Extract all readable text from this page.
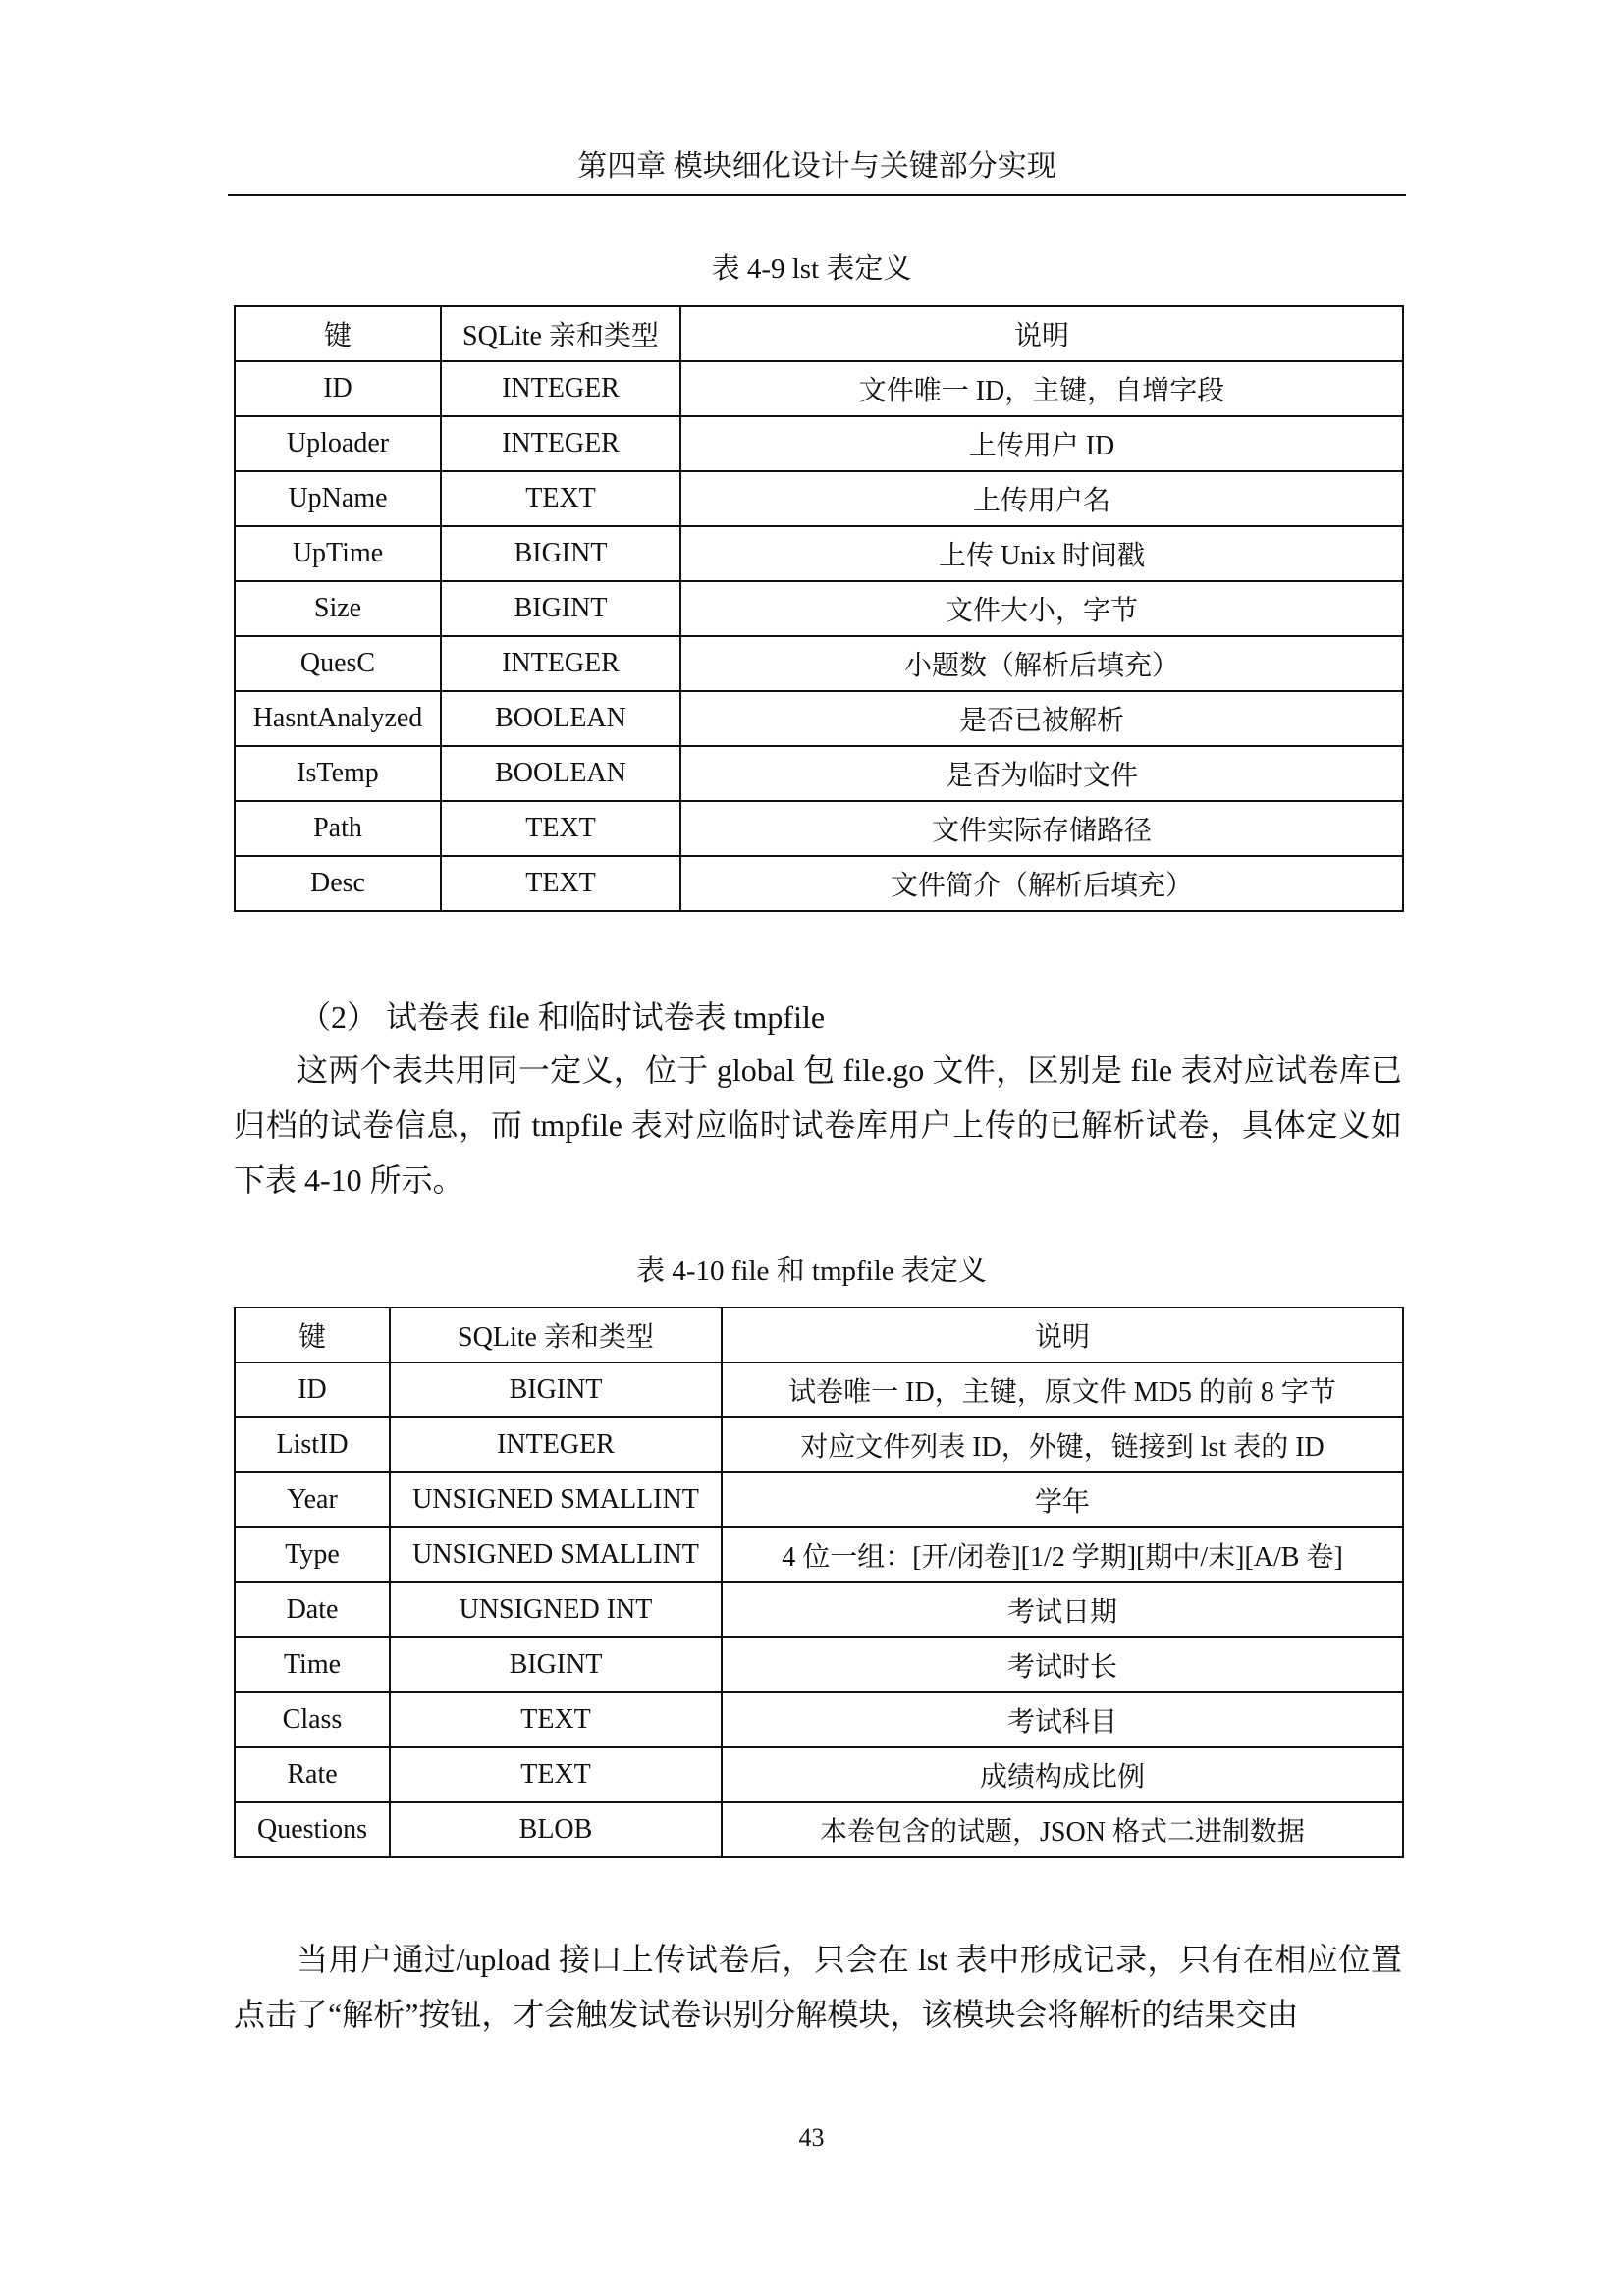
第四章 模块细化设计与关键部分实现
表 4-9 lst 表定义
键	SQLite 亲和类型	说明
ID	INTEGER	文件唯一 ID，主键，自增字段
Uploader	INTEGER	上传用户 ID
UpName	TEXT	上传用户名
UpTime	BIGINT	上传 Unix 时间戳
Size	BIGINT	文件大小，字节
QuesC	INTEGER	小题数（解析后填充）
HasntAnalyzed	BOOLEAN	是否已被解析
IsTemp	BOOLEAN	是否为临时文件
Path	TEXT	文件实际存储路径
Desc	TEXT	文件简介（解析后填充）
（2） 试卷表 file 和临时试卷表 tmpfile
这两个表共用同一定义，位于 global 包 file.go 文件，区别是 file 表对应试卷库已归档的试卷信息，而 tmpfile 表对应临时试卷库用户上传的已解析试卷，具体定义如下表 4-10 所示。
表 4-10 file 和 tmpfile 表定义
键	SQLite 亲和类型	说明
ID	BIGINT	试卷唯一 ID，主键，原文件 MD5 的前 8 字节
ListID	INTEGER	对应文件列表 ID，外键，链接到 lst 表的 ID
Year	UNSIGNED SMALLINT	学年
Type	UNSIGNED SMALLINT	4 位一组：[开/闭卷][1/2 学期][期中/末][A/B 卷]
Date	UNSIGNED INT	考试日期
Time	BIGINT	考试时长
Class	TEXT	考试科目
Rate	TEXT	成绩构成比例
Questions	BLOB	本卷包含的试题，JSON 格式二进制数据
当用户通过/upload 接口上传试卷后，只会在 lst 表中形成记录，只有在相应位置点击了“解析”按钮，才会触发试卷识别分解模块，该模块会将解析的结果交由
43
